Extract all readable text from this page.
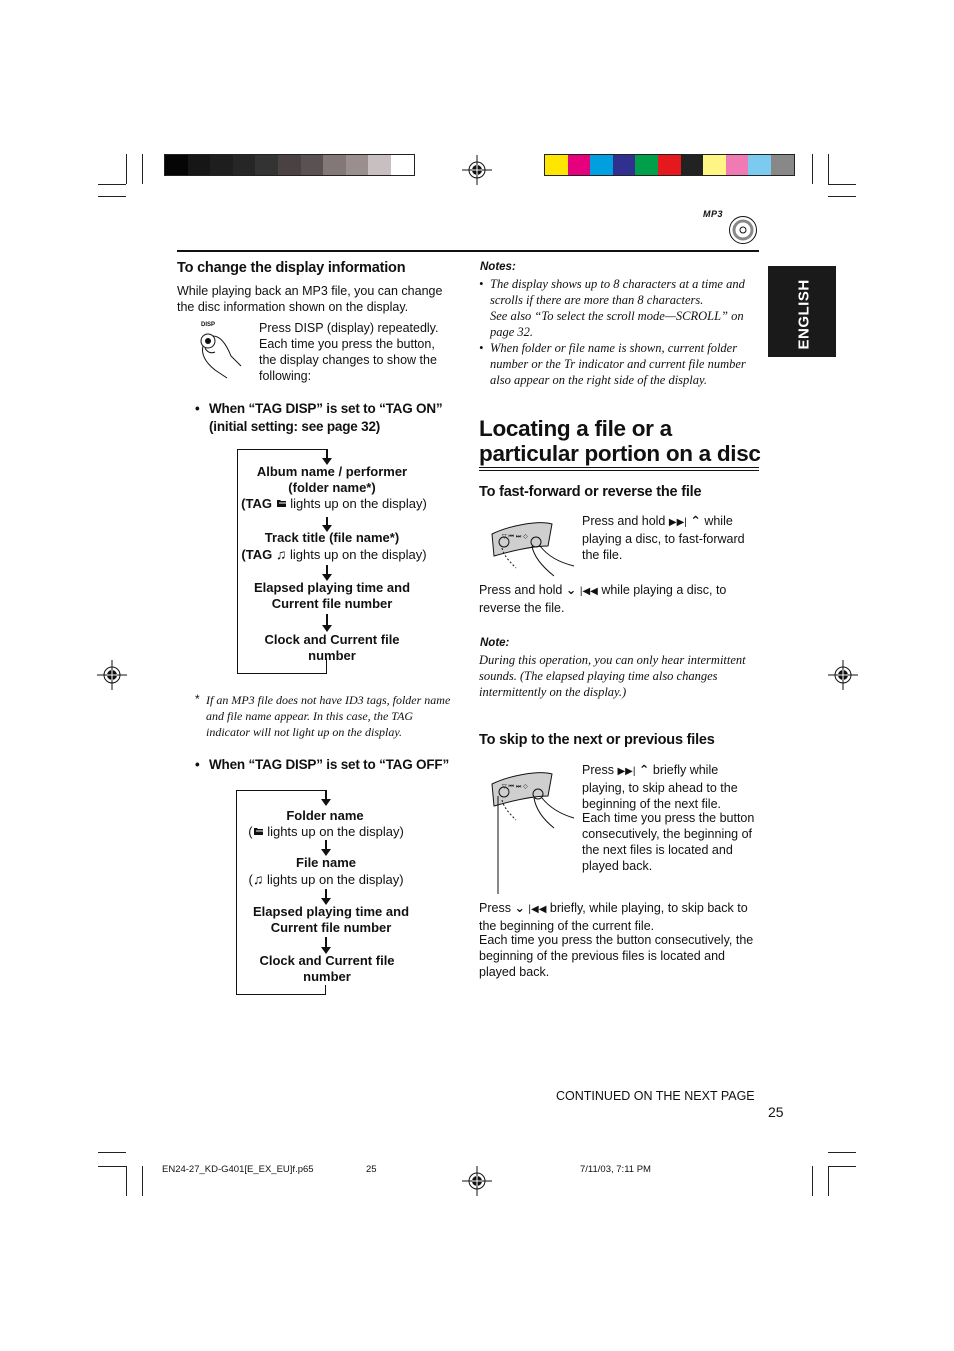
MP3
ENGLISH
To change the display information
While playing back an MP3 file, you can change the disc information shown on the display.
DISP	Press DISP (display) repeatedly. Each time you press the button, the display changes to show the following:
• When “TAG DISP” is set to “TAG ON” (initial setting: see page 32)
Album name / performer (folder name*)
(TAG lights up on the display)
Track title (file name*)
(TAG ♫ lights up on the display)
Elapsed playing time and Current file number
Clock and Current file number
* If an MP3 file does not have ID3 tags, folder name and file name appear. In this case, the TAG indicator will not light up on the display.
• When “TAG DISP” is set to “TAG OFF”
Folder name
( lights up on the display)
File name
(♫ lights up on the display)
Elapsed playing time and Current file number
Clock and Current file number
Notes:
• The display shows up to 8 characters at a time and scrolls if there are more than 8 characters.
See also “To select the scroll mode—SCROLL” on page 32.
• When folder or file name is shown, current folder number or the Tr indicator and current file number also appear on the right side of the display.
Locating a file or a particular portion on a disc
To fast-forward or reverse the file
▽ ⏮ ⏭ ◇
Press and hold ▶▶| ⌃ while playing a disc, to fast-forward the file.
Press and hold ⌄ |◀◀ while playing a disc, to reverse the file.
Note:
During this operation, you can only hear intermittent sounds. (The elapsed playing time also changes intermittently on the display.)
To skip to the next or previous files
▽ ⏮ ⏭ ◇
Press ▶▶| ⌃ briefly while playing, to skip ahead to the beginning of the next file.
Each time you press the button consecutively, the beginning of the next files is located and played back.
Press ⌄ |◀◀ briefly, while playing, to skip back to the beginning of the current file.
Each time you press the button consecutively, the beginning of the previous files is located and played back.
CONTINUED ON THE NEXT PAGE
25
EN24-27_KD-G401[E_EX_EU]f.p65	25	7/11/03, 7:11 PM
